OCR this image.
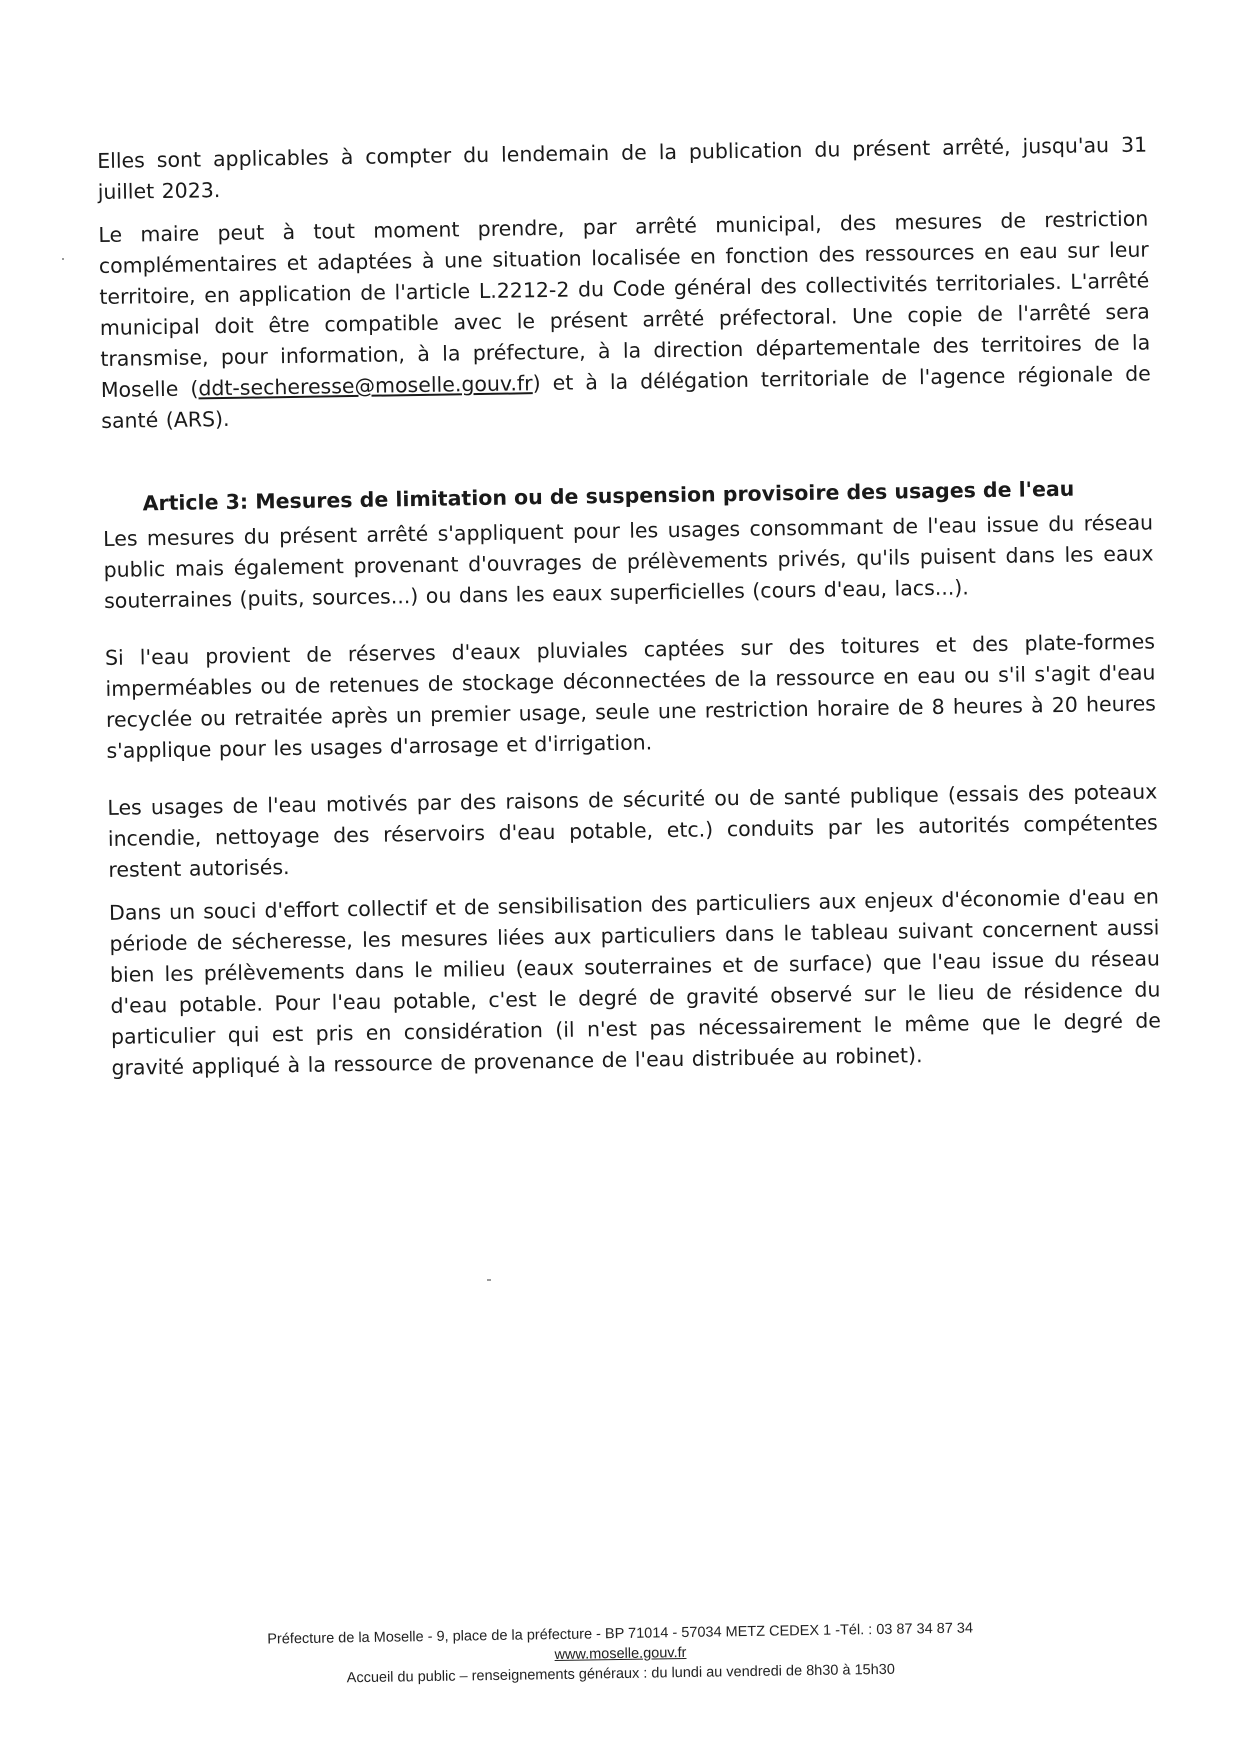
Elles sont applicables à compter du lendemain de la publication du présent arrêté, jusqu'au 31 juillet 2023.

Le maire peut à tout moment prendre, par arrêté municipal, des mesures de restriction complémentaires et adaptées à une situation localisée en fonction des ressources en eau sur leur territoire, en application de l'article L.2212-2 du Code général des collectivités territoriales. L'arrêté municipal doit être compatible avec le présent arrêté préfectoral. Une copie de l'arrêté sera transmise, pour information, à la préfecture, à la direction départementale des territoires de la Moselle (ddt-secheresse@moselle.gouv.fr) et à la délégation territoriale de l'agence régionale de santé (ARS).

Article 3: Mesures de limitation ou de suspension provisoire des usages de l'eau

Les mesures du présent arrêté s'appliquent pour les usages consommant de l'eau issue du réseau public mais également provenant d'ouvrages de prélèvements privés, qu'ils puisent dans les eaux souterraines (puits, sources...) ou dans les eaux superficielles (cours d'eau, lacs...).

Si l'eau provient de réserves d'eaux pluviales captées sur des toitures et des plate-formes imperméables ou de retenues de stockage déconnectées de la ressource en eau ou s'il s'agit d'eau recyclée ou retraitée après un premier usage, seule une restriction horaire de 8 heures à 20 heures s'applique pour les usages d'arrosage et d'irrigation.

Les usages de l'eau motivés par des raisons de sécurité ou de santé publique (essais des poteaux incendie, nettoyage des réservoirs d'eau potable, etc.) conduits par les autorités compétentes restent autorisés.

Dans un souci d'effort collectif et de sensibilisation des particuliers aux enjeux d'économie d'eau en période de sécheresse, les mesures liées aux particuliers dans le tableau suivant concernent aussi bien les prélèvements dans le milieu (eaux souterraines et de surface) que l'eau issue du réseau d'eau potable. Pour l'eau potable, c'est le degré de gravité observé sur le lieu de résidence du particulier qui est pris en considération (il n'est pas nécessairement le même que le degré de gravité appliqué à la ressource de provenance de l'eau distribuée au robinet).

Préfecture de la Moselle - 9, place de la préfecture - BP 71014 - 57034 METZ CEDEX 1 -Tél. : 03 87 34 87 34
www.moselle.gouv.fr
Accueil du public – renseignements généraux : du lundi au vendredi de 8h30 à 15h30
